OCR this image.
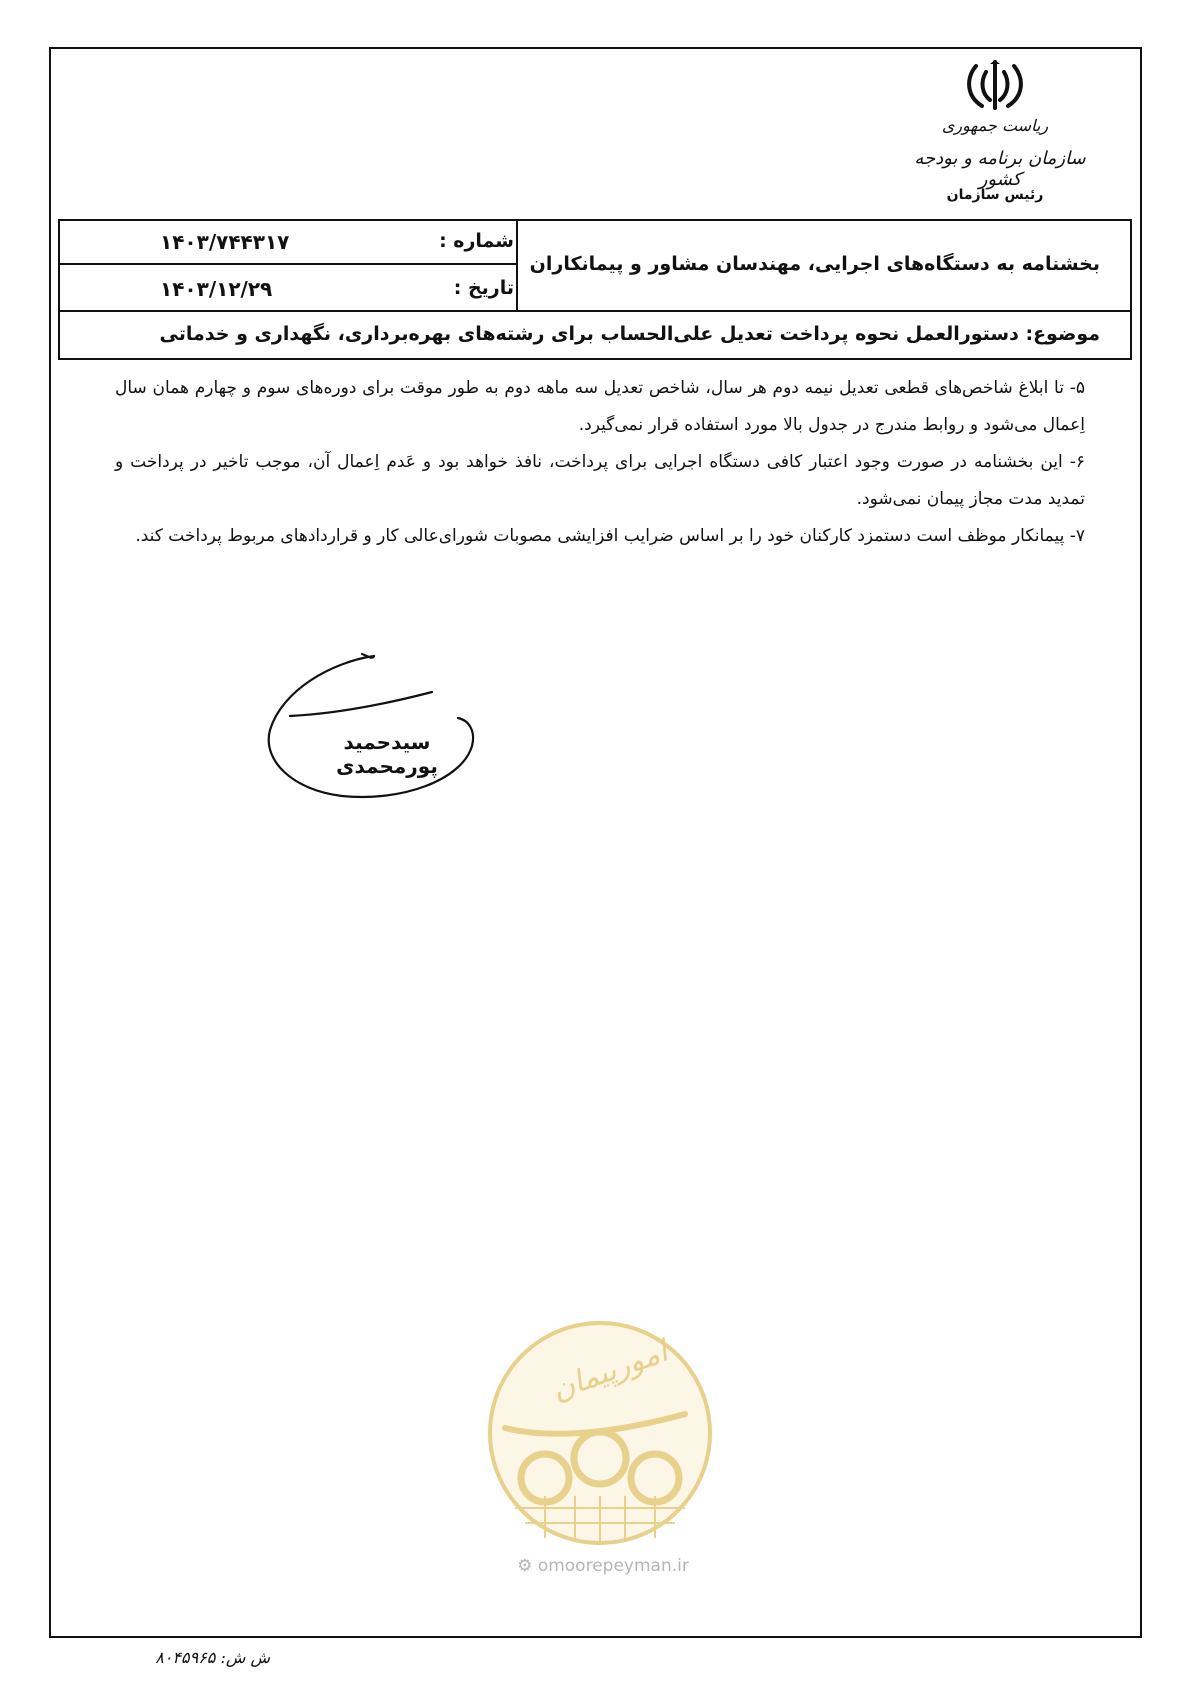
ریاست جمهوری
سازمان برنامه و بودجه کشور
رئیس سازمان
شماره :
۱۴۰۳/۷۴۴۳۱۷
تاریخ :
۱۴۰۳/۱۲/۲۹
بخشنامه به دستگاه‌های اجرایی، مهندسان مشاور و پیمانکاران
موضوع: دستورالعمل نحوه پرداخت تعدیل علی‌الحساب برای رشته‌های بهره‌برداری، نگهداری و خدماتی

۵- تا ابلاغ شاخص‌های قطعی تعدیل نیمه دوم هر سال، شاخص تعدیل سه ماهه دوم به طور موقت برای دوره‌های سوم و چهارم همان سال اِعمال می‌شود و روابط مندرج در جدول بالا مورد استفاده قرار نمی‌گیرد.

۶- این بخشنامه در صورت وجود اعتبار کافی دستگاه اجرایی برای پرداخت، نافذ خواهد بود و عَدم اِعمال آن، موجب تاخیر در پرداخت و تمدید مدت مجاز پیمان نمی‌شود.

۷- پیمانکار موظف است دستمزد کارکنان خود را بر اساس ضرایب افزایشی مصوبات شورای‌عالی کار و قراردادهای مربوط پرداخت کند.

سیدحمید پورمحمدی
امورپیمان
⚙ omoorepeyman.ir
ش ش: ۸۰۴۵۹۶۵
